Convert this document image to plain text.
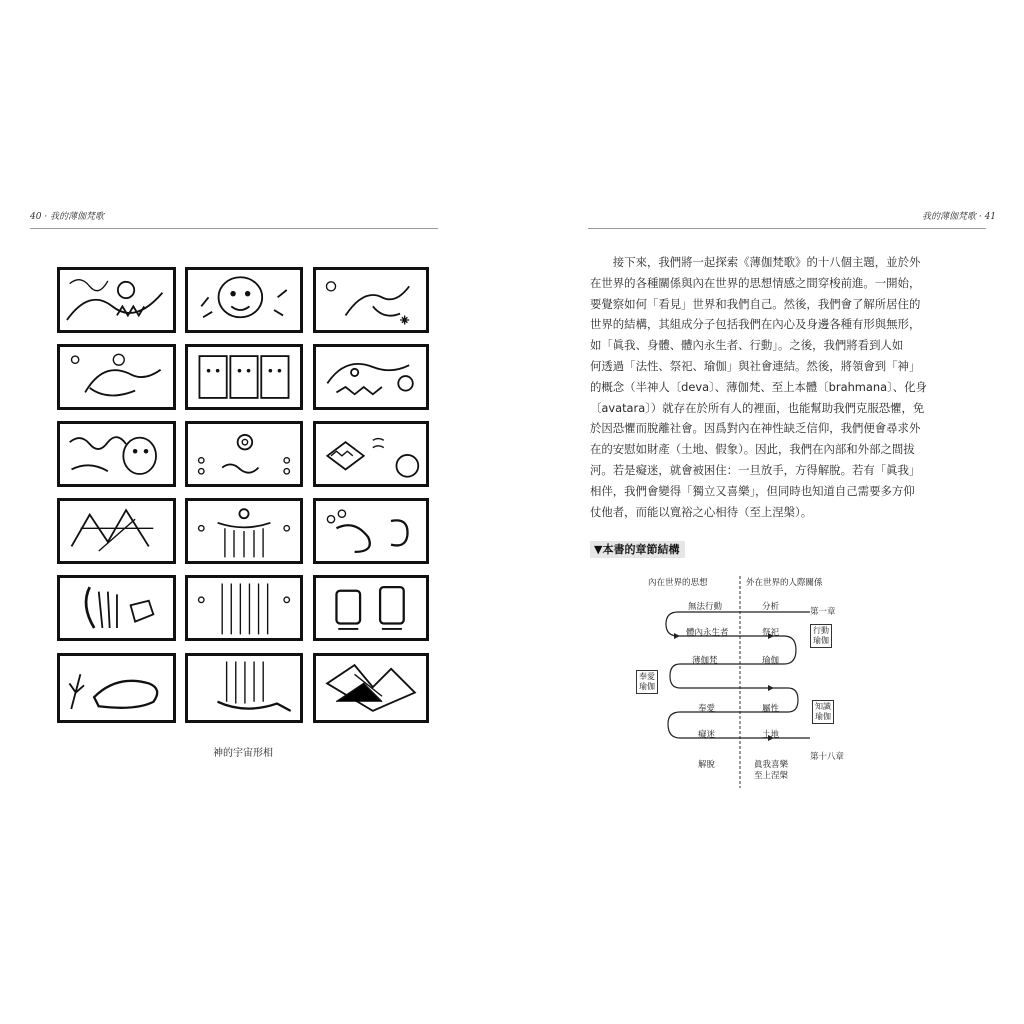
40 · 我的薄伽梵歌	我的薄伽梵歌 · 41
神的宇宙形相

接下來，我們將一起探索《薄伽梵歌》的十八個主題，並於外

在世界的各種關係與內在世界的思想情感之間穿梭前進。一開始，
要覺察如何「看見」世界和我們自己。然後，我們會了解所居住的
世界的結構，其組成分子包括我們在內心及身邊各種有形與無形，
如「眞我、身體、體內永生者、行動」。之後，我們將看到人如
何透過「法性、祭祀、瑜伽」與社會連結。然後，將領會到「神」
的概念（半神人〔deva〕、薄伽梵、至上本體〔brahmana〕、化身
〔avatara〕）就存在於所有人的裡面，也能幫助我們克服恐懼，免
於因恐懼而脫離社會。因爲對內在神性缺乏信仰，我們便會尋求外
在的安慰如財產（土地、假象）。因此，我們在內部和外部之間拔
河。若是癡迷，就會被困住：一旦放手，方得解脫。若有「眞我」
相伴，我們會變得「獨立又喜樂」，但同時也知道自己需要多方仰
仗他者，而能以寬裕之心相待（至上涅槃）。
▼本書的章節結構
內在世界的思想	外在世界的人際關係
無法行動	分析	第一章
體內永生者	祭祀	行動
瑜伽
薄伽梵	瑜伽
奉愛
瑜伽
奉愛	屬性	知識
瑜伽
癡迷	土地
第十八章
解脫	眞我喜樂
至上涅槃
